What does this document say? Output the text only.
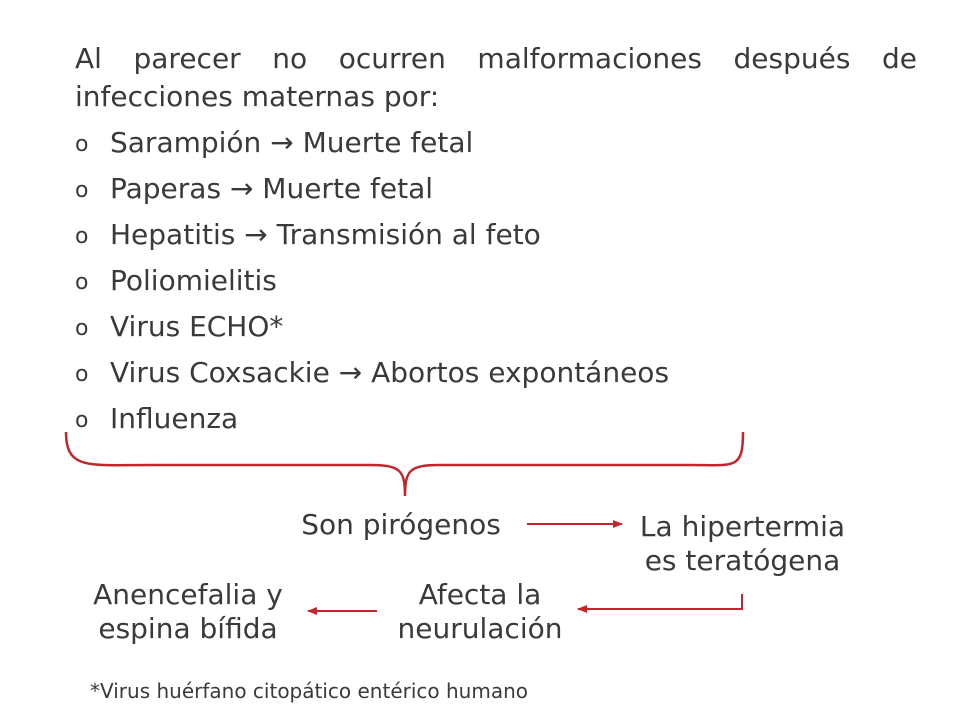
Al parecer no ocurren malformaciones después de infecciones maternas por:
o Sarampión → Muerte fetal
o Paperas → Muerte fetal
o Hepatitis → Transmisión al feto
o Poliomielitis
o Virus ECHO*
o Virus Coxsackie → Abortos expontáneos
o Influenza
Son pirógenos	La hipertermia
es teratógena
Afecta la
neurulación
Anencefalia y
espina bífida
*Virus huérfano citopático entérico humano
